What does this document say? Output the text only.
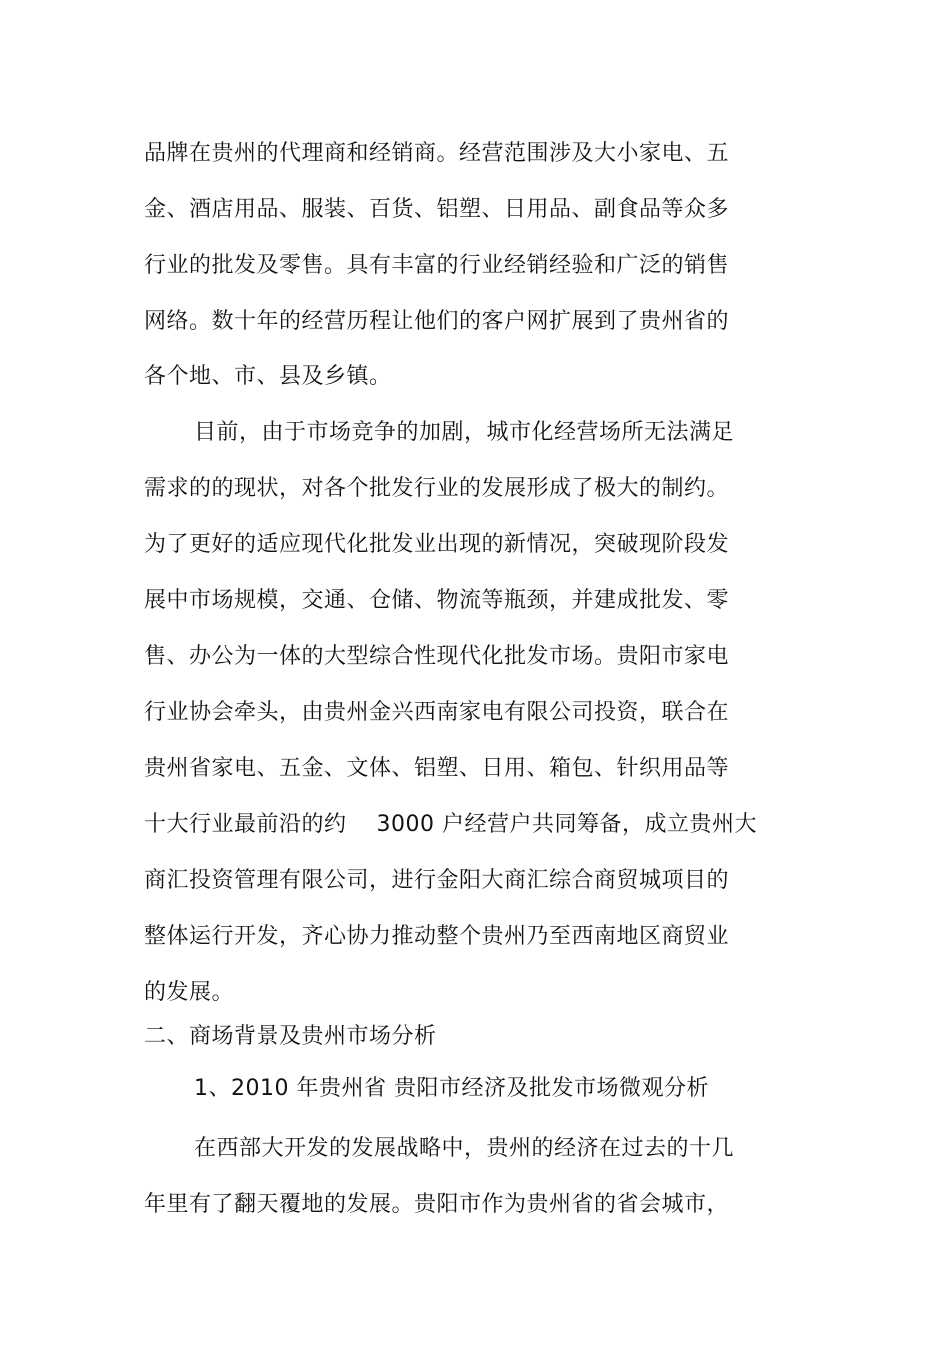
品牌在贵州的代理商和经销商。经营范围涉及大小家电、五
金、酒店用品、服装、百货、铝塑、日用品、副食品等众多
行业的批发及零售。具有丰富的行业经销经验和广泛的销售
网络。数十年的经营历程让他们的客户网扩展到了贵州省的
各个地、市、县及乡镇。
目前，由于市场竞争的加剧，城市化经营场所无法满足
需求的的现状，对各个批发行业的发展形成了极大的制约。
为了更好的适应现代化批发业出现的新情况，突破现阶段发
展中市场规模，交通、仓储、物流等瓶颈，并建成批发、零
售、办公为一体的大型综合性现代化批发市场。贵阳市家电
行业协会牵头，由贵州金兴西南家电有限公司投资，联合在
贵州省家电、五金、文体、铝塑、日用、箱包、针织用品等
十大行业最前沿的约　 3000 户经营户共同筹备，成立贵州大
商汇投资管理有限公司，进行金阳大商汇综合商贸城项目的
整体运行开发，齐心协力推动整个贵州乃至西南地区商贸业
的发展。
二、商场背景及贵州市场分析
1、2010 年贵州省 贵阳市经济及批发市场微观分析
在西部大开发的发展战略中，贵州的经济在过去的十几
年里有了翻天覆地的发展。贵阳市作为贵州省的省会城市，
